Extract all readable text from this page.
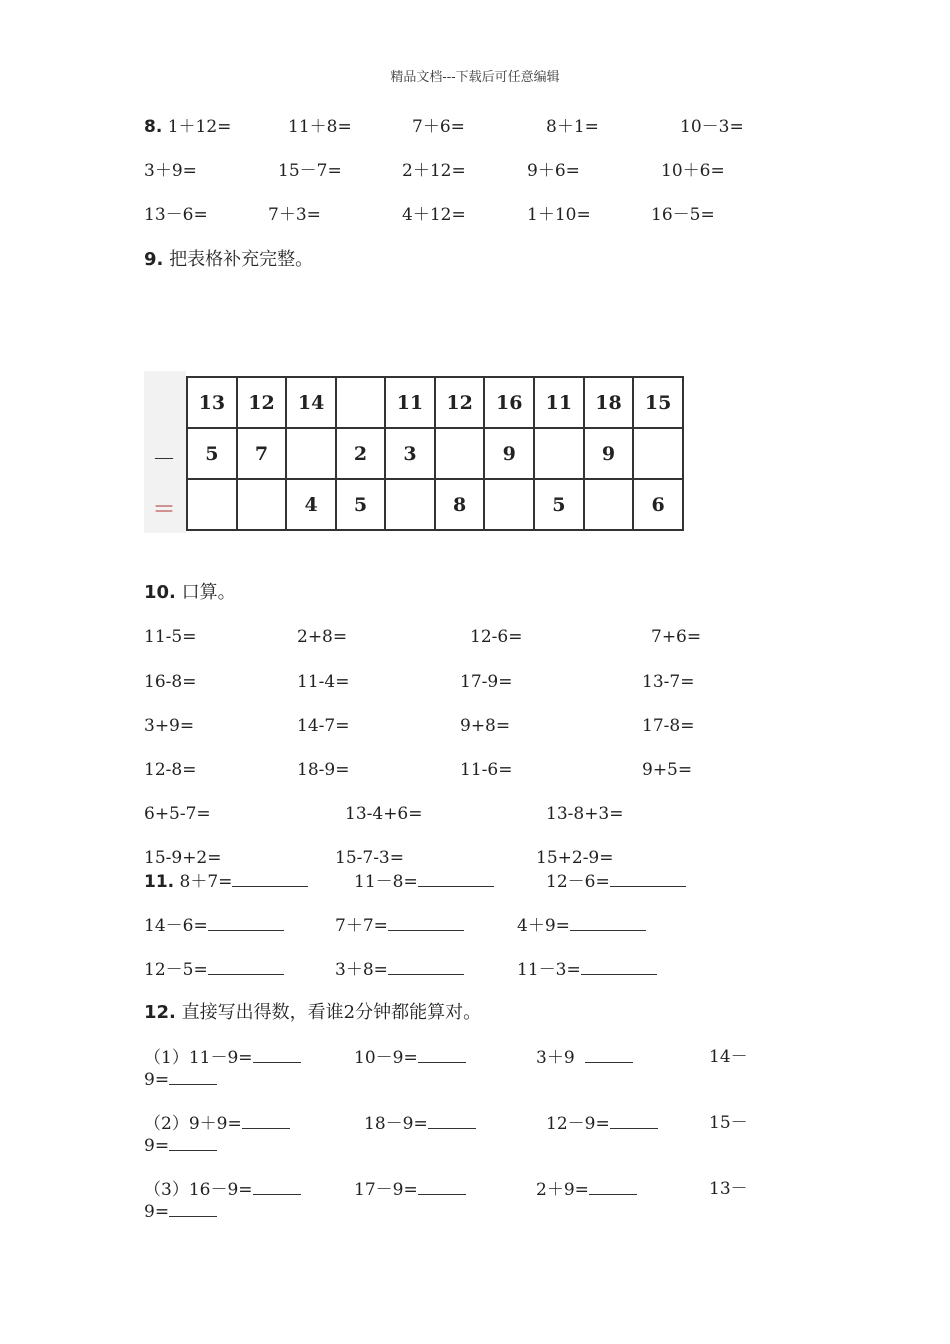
精品文档---下载后可任意编辑
8. 1＋12=	11＋8=	7＋6=	8＋1=	10－3=
3＋9=	15－7=	2＋12=	9＋6=	10＋6=
13－6=	7＋3=	4＋12=	1＋10=	16－5=
9. 把表格补充完整。
－
＝
13	12	14		11	12	16	11	18	15
5	7		2	3		9		9	
		4	5		8		5		6
10. 口算。
11-5=	2+8=	12-6=	7+6=
16-8=	11-4=	17-9=	13-7=
3+9=	14-7=	9+8=	17-8=
12-8=	18-9=	11-6=	9+5=
6+5-7=	13-4+6=	13-8+3=
15-9+2=	15-7-3=	15+2-9=
11. 8＋7=	11－8=	12－6=
14－6=	7＋7=	4＋9=
12－5=	3＋8=	11－3=
12. 直接写出得数，看谁2分钟都能算对。
（1）11－9=	10－9=	3＋9	14－
9=
（2）9＋9=	18－9=	12－9=	15－
9=
（3）16－9=	17－9=	2＋9=	13－
9=
